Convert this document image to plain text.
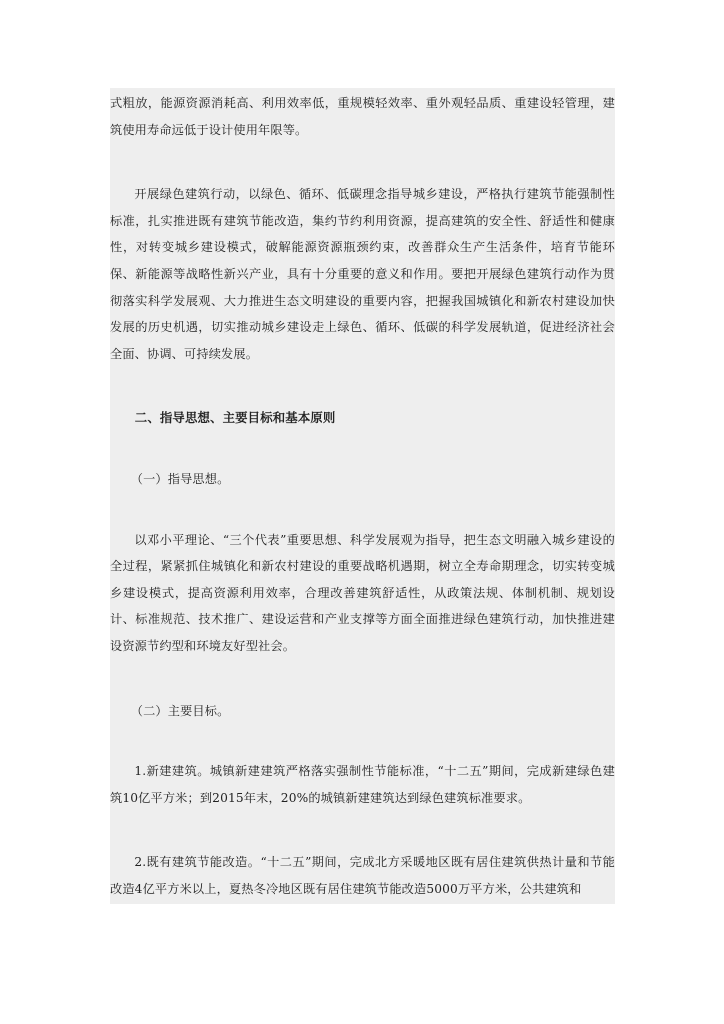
式粗放，能源资源消耗高、利用效率低，重规模轻效率、重外观轻品质、重建设轻管理，建筑使用寿命远低于设计使用年限等。
开展绿色建筑行动，以绿色、循环、低碳理念指导城乡建设，严格执行建筑节能强制性标准，扎实推进既有建筑节能改造，集约节约利用资源，提高建筑的安全性、舒适性和健康性，对转变城乡建设模式，破解能源资源瓶颈约束，改善群众生产生活条件，培育节能环保、新能源等战略性新兴产业，具有十分重要的意义和作用。要把开展绿色建筑行动作为贯彻落实科学发展观、大力推进生态文明建设的重要内容，把握我国城镇化和新农村建设加快发展的历史机遇，切实推动城乡建设走上绿色、循环、低碳的科学发展轨道，促进经济社会全面、协调、可持续发展。
二、指导思想、主要目标和基本原则
（一）指导思想。
以邓小平理论、“三个代表”重要思想、科学发展观为指导，把生态文明融入城乡建设的全过程，紧紧抓住城镇化和新农村建设的重要战略机遇期，树立全寿命期理念，切实转变城乡建设模式，提高资源利用效率，合理改善建筑舒适性，从政策法规、体制机制、规划设计、标准规范、技术推广、建设运营和产业支撑等方面全面推进绿色建筑行动，加快推进建设资源节约型和环境友好型社会。
（二）主要目标。
1.新建建筑。城镇新建建筑严格落实强制性节能标准，“十二五”期间，完成新建绿色建筑10亿平方米；到2015年末，20%的城镇新建建筑达到绿色建筑标准要求。
2.既有建筑节能改造。“十二五”期间，完成北方采暖地区既有居住建筑供热计量和节能改造4亿平方米以上，夏热冬冷地区既有居住建筑节能改造5000万平方米，公共建筑和
